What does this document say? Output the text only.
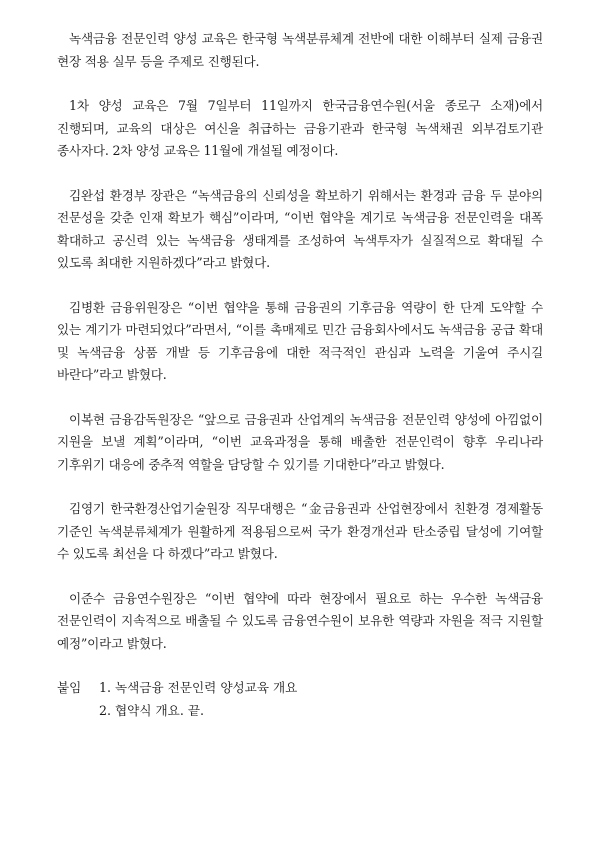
녹색금융 전문인력 양성 교육은 한국형 녹색분류체계 전반에 대한 이해부터 실제 금융권 현장 적용 실무 등을 주제로 진행된다.

1차 양성 교육은 7월 7일부터 11일까지 한국금융연수원(서울 종로구 소재)에서 진행되며, 교육의 대상은 여신을 취급하는 금융기관과 한국형 녹색채권 외부검토기관 종사자다. 2차 양성 교육은 11월에 개설될 예정이다.

김완섭 환경부 장관은 “녹색금융의 신뢰성을 확보하기 위해서는 환경과 금융 두 분야의 전문성을 갖춘 인재 확보가 핵심”이라며, “이번 협약을 계기로 녹색금융 전문인력을 대폭 확대하고 공신력 있는 녹색금융 생태계를 조성하여 녹색투자가 실질적으로 확대될 수 있도록 최대한 지원하겠다”라고 밝혔다.

김병환 금융위원장은 “이번 협약을 통해 금융권의 기후금융 역량이 한 단계 도약할 수 있는 계기가 마련되었다”라면서, “이를 촉매제로 민간 금융회사에서도 녹색금융 공급 확대 및 녹색금융 상품 개발 등 기후금융에 대한 적극적인 관심과 노력을 기울여 주시길 바란다”라고 밝혔다.

이복현 금융감독원장은 “앞으로 금융권과 산업계의 녹색금융 전문인력 양성에 아낌없이 지원을 보낼 계획”이라며, “이번 교육과정을 통해 배출한 전문인력이 향후 우리나라 기후위기 대응에 중추적 역할을 담당할 수 있기를 기대한다”라고 밝혔다.

김영기 한국환경산업기술원장 직무대행은 “金금융권과 산업현장에서 친환경 경제활동 기준인 녹색분류체계가 원활하게 적용됨으로써 국가 환경개선과 탄소중립 달성에 기여할 수 있도록 최선을 다 하겠다”라고 밝혔다.

이준수 금융연수원장은 “이번 협약에 따라 현장에서 필요로 하는 우수한 녹색금융 전문인력이 지속적으로 배출될 수 있도록 금융연수원이 보유한 역량과 자원을 적극 지원할 예정”이라고 밝혔다.

붙임	1. 녹색금융 전문인력 양성교육 개요
2. 협약식 개요. 끝.
